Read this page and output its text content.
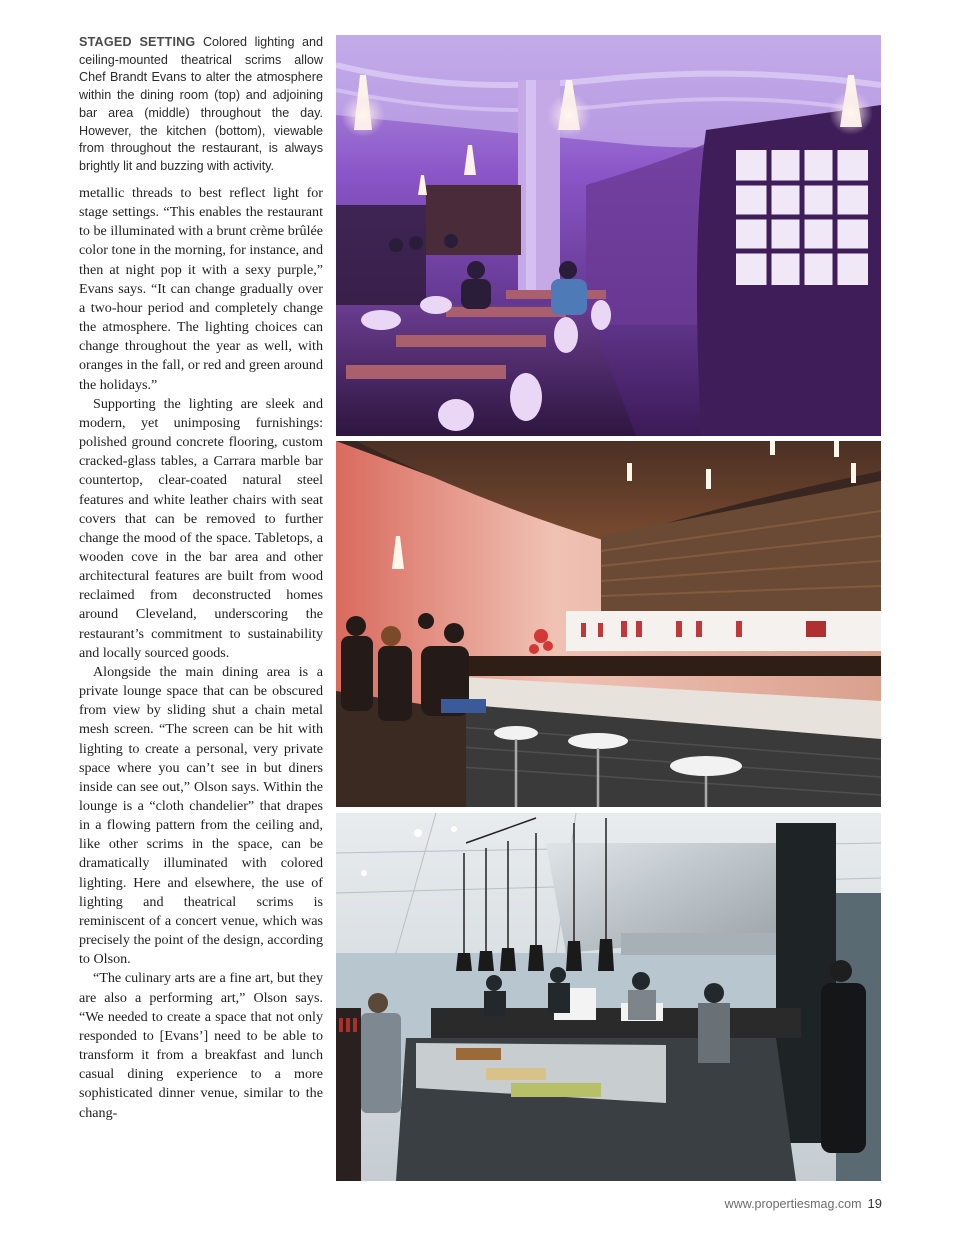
STAGED SETTING Colored lighting and ceiling-mounted theatrical scrims allow Chef Brandt Evans to alter the atmosphere within the dining room (top) and adjoining bar area (middle) throughout the day. However, the kitchen (bottom), viewable from throughout the restaurant, is always brightly lit and buzzing with activity.

metallic threads to best reflect light for stage settings. “This enables the restaurant to be illuminated with a brunt crème brûlée color tone in the morning, for instance, and then at night pop it with a sexy purple,” Evans says. “It can change gradually over a two-hour period and completely change the atmosphere. The lighting choices can change throughout the year as well, with oranges in the fall, or red and green around the holidays.”

Supporting the lighting are sleek and modern, yet unimposing furnishings: polished ground concrete flooring, custom cracked-glass tables, a Carrara marble bar countertop, clear-coated natural steel features and white leather chairs with seat covers that can be removed to further change the mood of the space. Tabletops, a wooden cove in the bar area and other architectural features are built from wood reclaimed from deconstructed homes around Cleveland, underscoring the restaurant’s commitment to sustainability and locally sourced goods.

Alongside the main dining area is a private lounge space that can be obscured from view by sliding shut a chain metal mesh screen. “The screen can be hit with lighting to create a personal, very private space where you can’t see in but diners inside can see out,” Olson says. Within the lounge is a “cloth chandelier” that drapes in a flowing pattern from the ceiling and, like other scrims in the space, can be dramatically illuminated with colored lighting. Here and elsewhere, the use of lighting and theatrical scrims is reminiscent of a concert venue, which was precisely the point of the design, according to Olson.

“The culinary arts are a fine art, but they are also a performing art,” Olson says. “We needed to create a space that not only responded to [Evans’] need to be able to transform it from a breakfast and lunch casual dining experience to a more sophisticated dinner venue, similar to the chang-

www.propertiesmag.com 19
